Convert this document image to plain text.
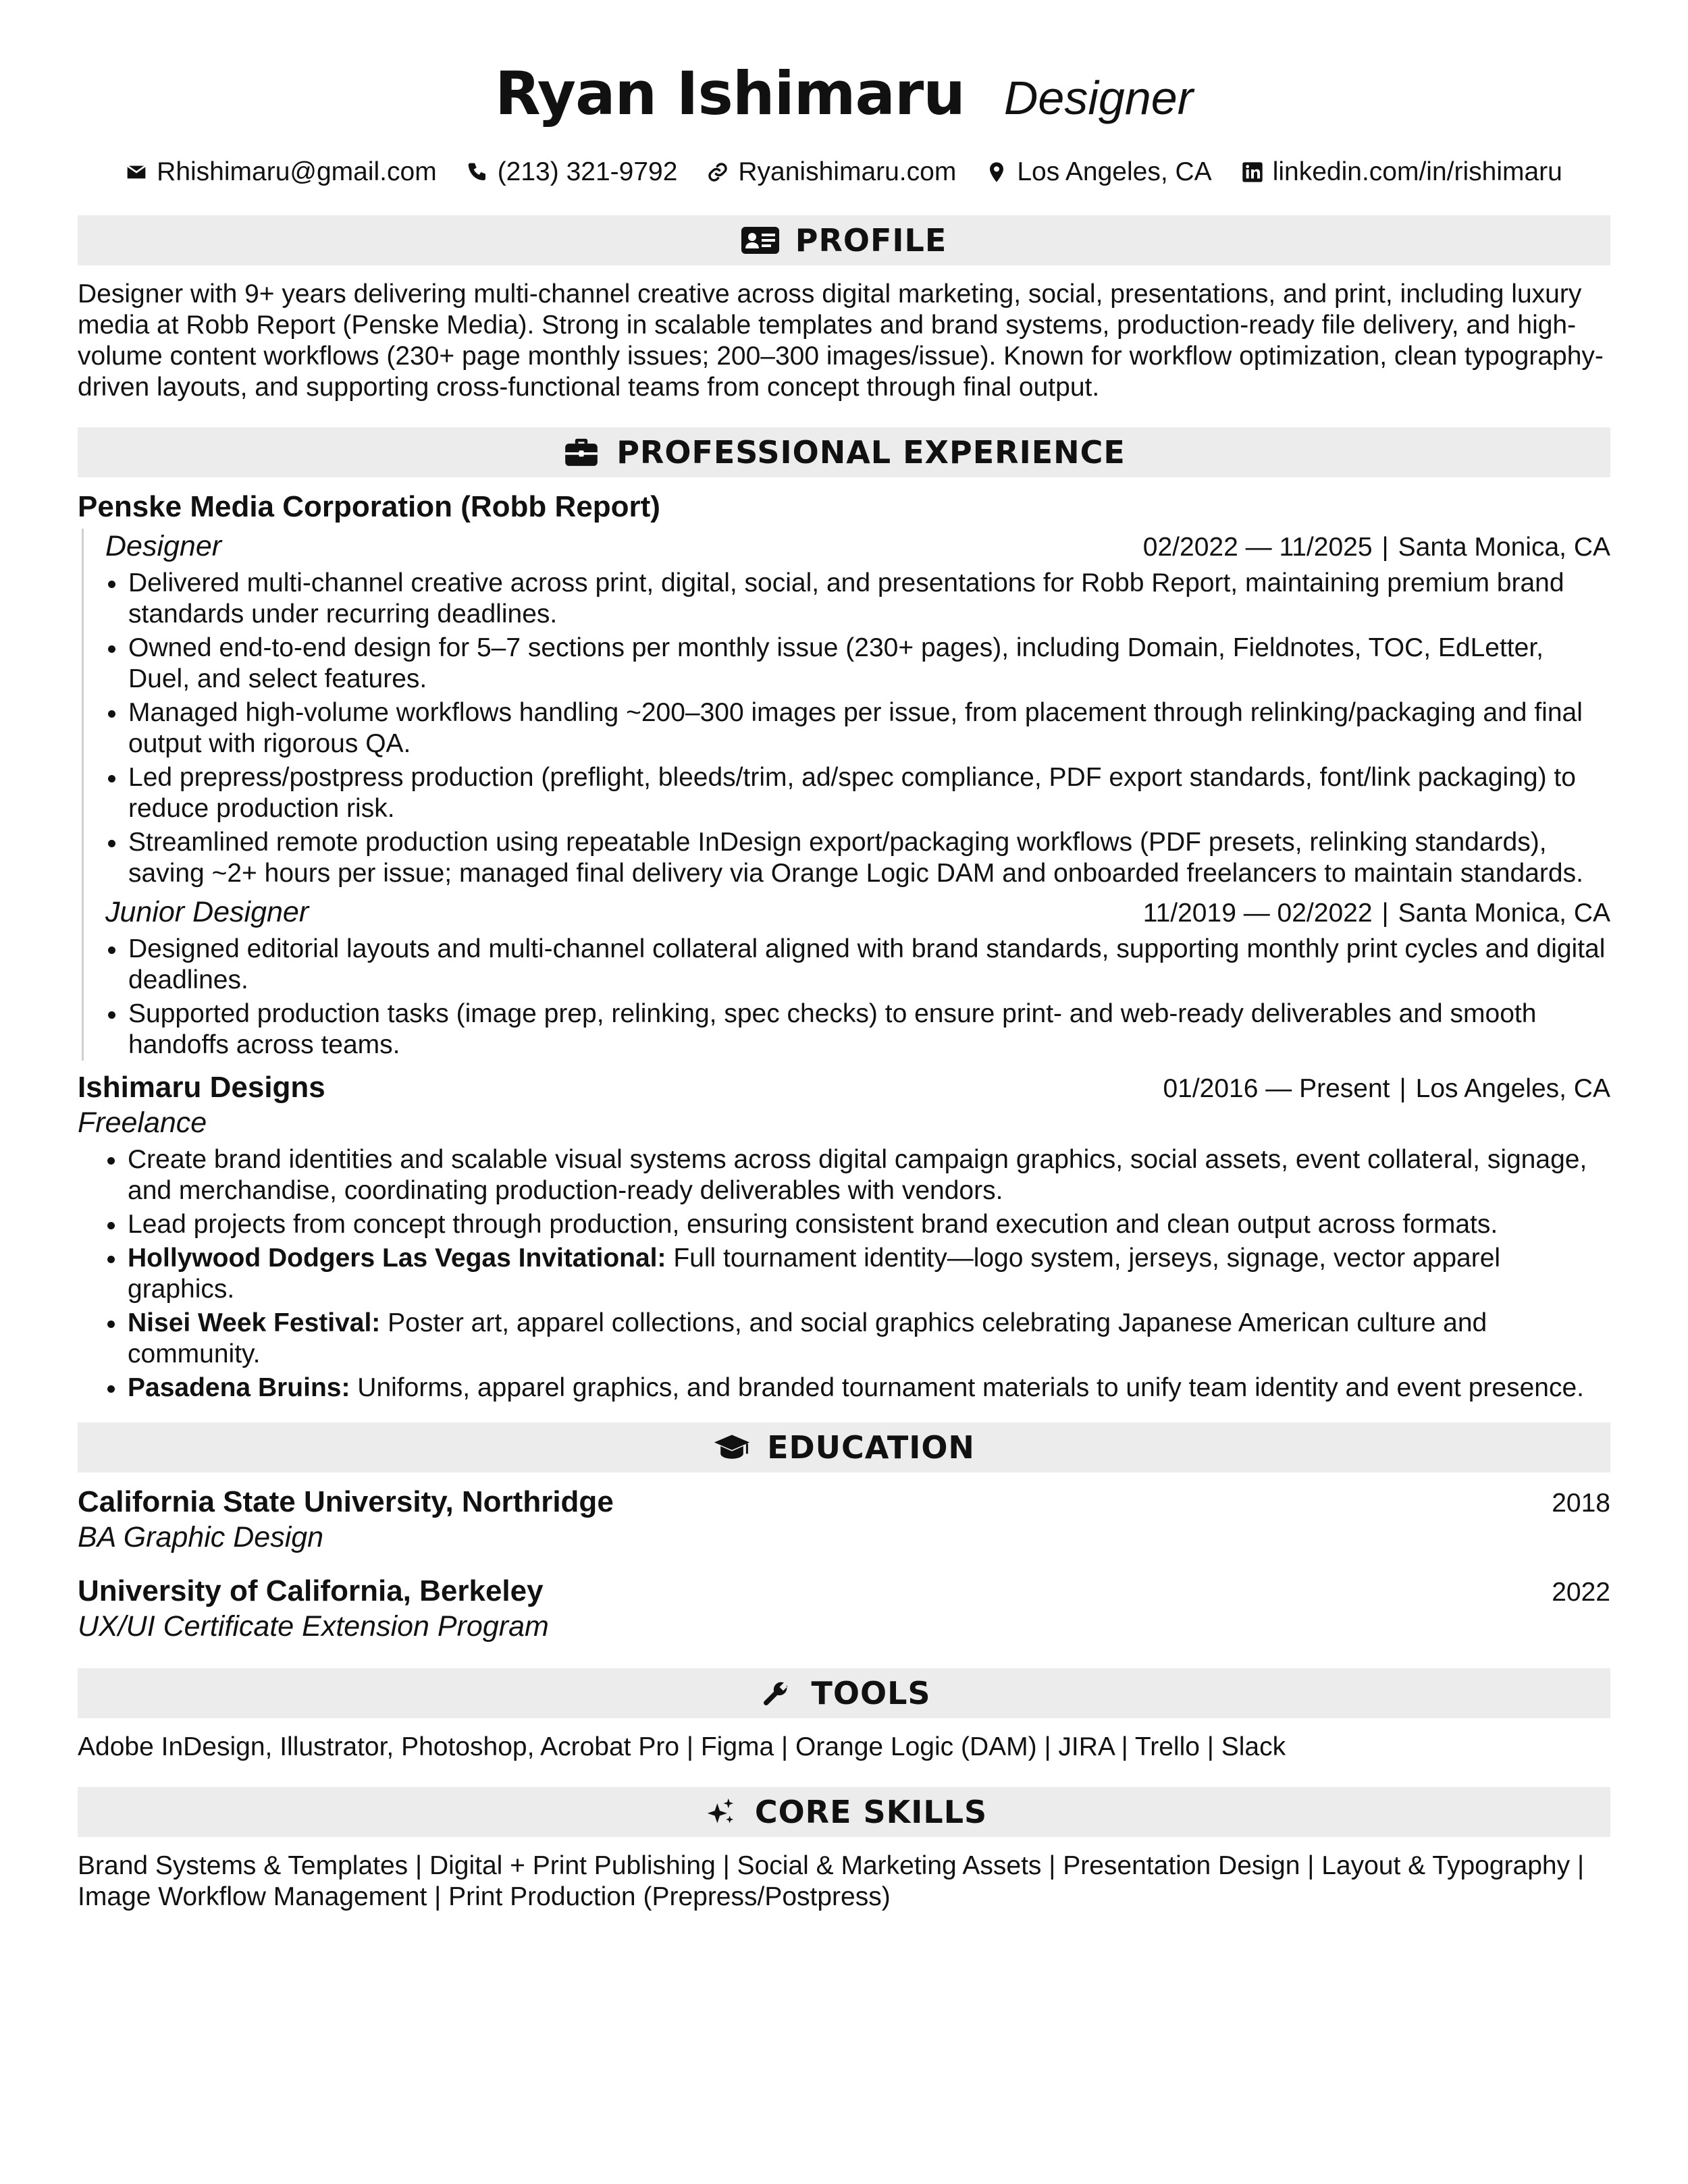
Ryan Ishimaru Designer
Rhishimaru@gmail.com (213) 321-9792 Ryanishimaru.com Los Angeles, CA linkedin.com/in/rishimaru
PROFILE
Designer with 9+ years delivering multi-channel creative across digital marketing, social, presentations, and print, including luxury media at Robb Report (Penske Media). Strong in scalable templates and brand systems, production-ready file delivery, and high-volume content workflows (230+ page monthly issues; 200–300 images/issue). Known for workflow optimization, clean typography-driven layouts, and supporting cross-functional teams from concept through final output.
PROFESSIONAL EXPERIENCE
Penske Media Corporation (Robb Report)
Designer	02/2022 — 11/2025 | Santa Monica, CA
Delivered multi-channel creative across print, digital, social, and presentations for Robb Report, maintaining premium brand standards under recurring deadlines.
Owned end-to-end design for 5–7 sections per monthly issue (230+ pages), including Domain, Fieldnotes, TOC, EdLetter, Duel, and select features.
Managed high-volume workflows handling ~200–300 images per issue, from placement through relinking/packaging and final output with rigorous QA.
Led prepress/postpress production (preflight, bleeds/trim, ad/spec compliance, PDF export standards, font/link packaging) to reduce production risk.
Streamlined remote production using repeatable InDesign export/packaging workflows (PDF presets, relinking standards), saving ~2+ hours per issue; managed final delivery via Orange Logic DAM and onboarded freelancers to maintain standards.
Junior Designer	11/2019 — 02/2022 | Santa Monica, CA
Designed editorial layouts and multi-channel collateral aligned with brand standards, supporting monthly print cycles and digital deadlines.
Supported production tasks (image prep, relinking, spec checks) to ensure print- and web-ready deliverables and smooth handoffs across teams.
Ishimaru Designs	01/2016 — Present | Los Angeles, CA
Freelance
Create brand identities and scalable visual systems across digital campaign graphics, social assets, event collateral, signage, and merchandise, coordinating production-ready deliverables with vendors.
Lead projects from concept through production, ensuring consistent brand execution and clean output across formats.
Hollywood Dodgers Las Vegas Invitational: Full tournament identity—logo system, jerseys, signage, vector apparel graphics.
Nisei Week Festival: Poster art, apparel collections, and social graphics celebrating Japanese American culture and community.
Pasadena Bruins: Uniforms, apparel graphics, and branded tournament materials to unify team identity and event presence.
EDUCATION
California State University, Northridge	2018
BA Graphic Design
University of California, Berkeley	2022
UX/UI Certificate Extension Program
TOOLS
Adobe InDesign, Illustrator, Photoshop, Acrobat Pro | Figma | Orange Logic (DAM) | JIRA | Trello | Slack
CORE SKILLS
Brand Systems & Templates | Digital + Print Publishing | Social & Marketing Assets | Presentation Design | Layout & Typography | Image Workflow Management | Print Production (Prepress/Postpress)
